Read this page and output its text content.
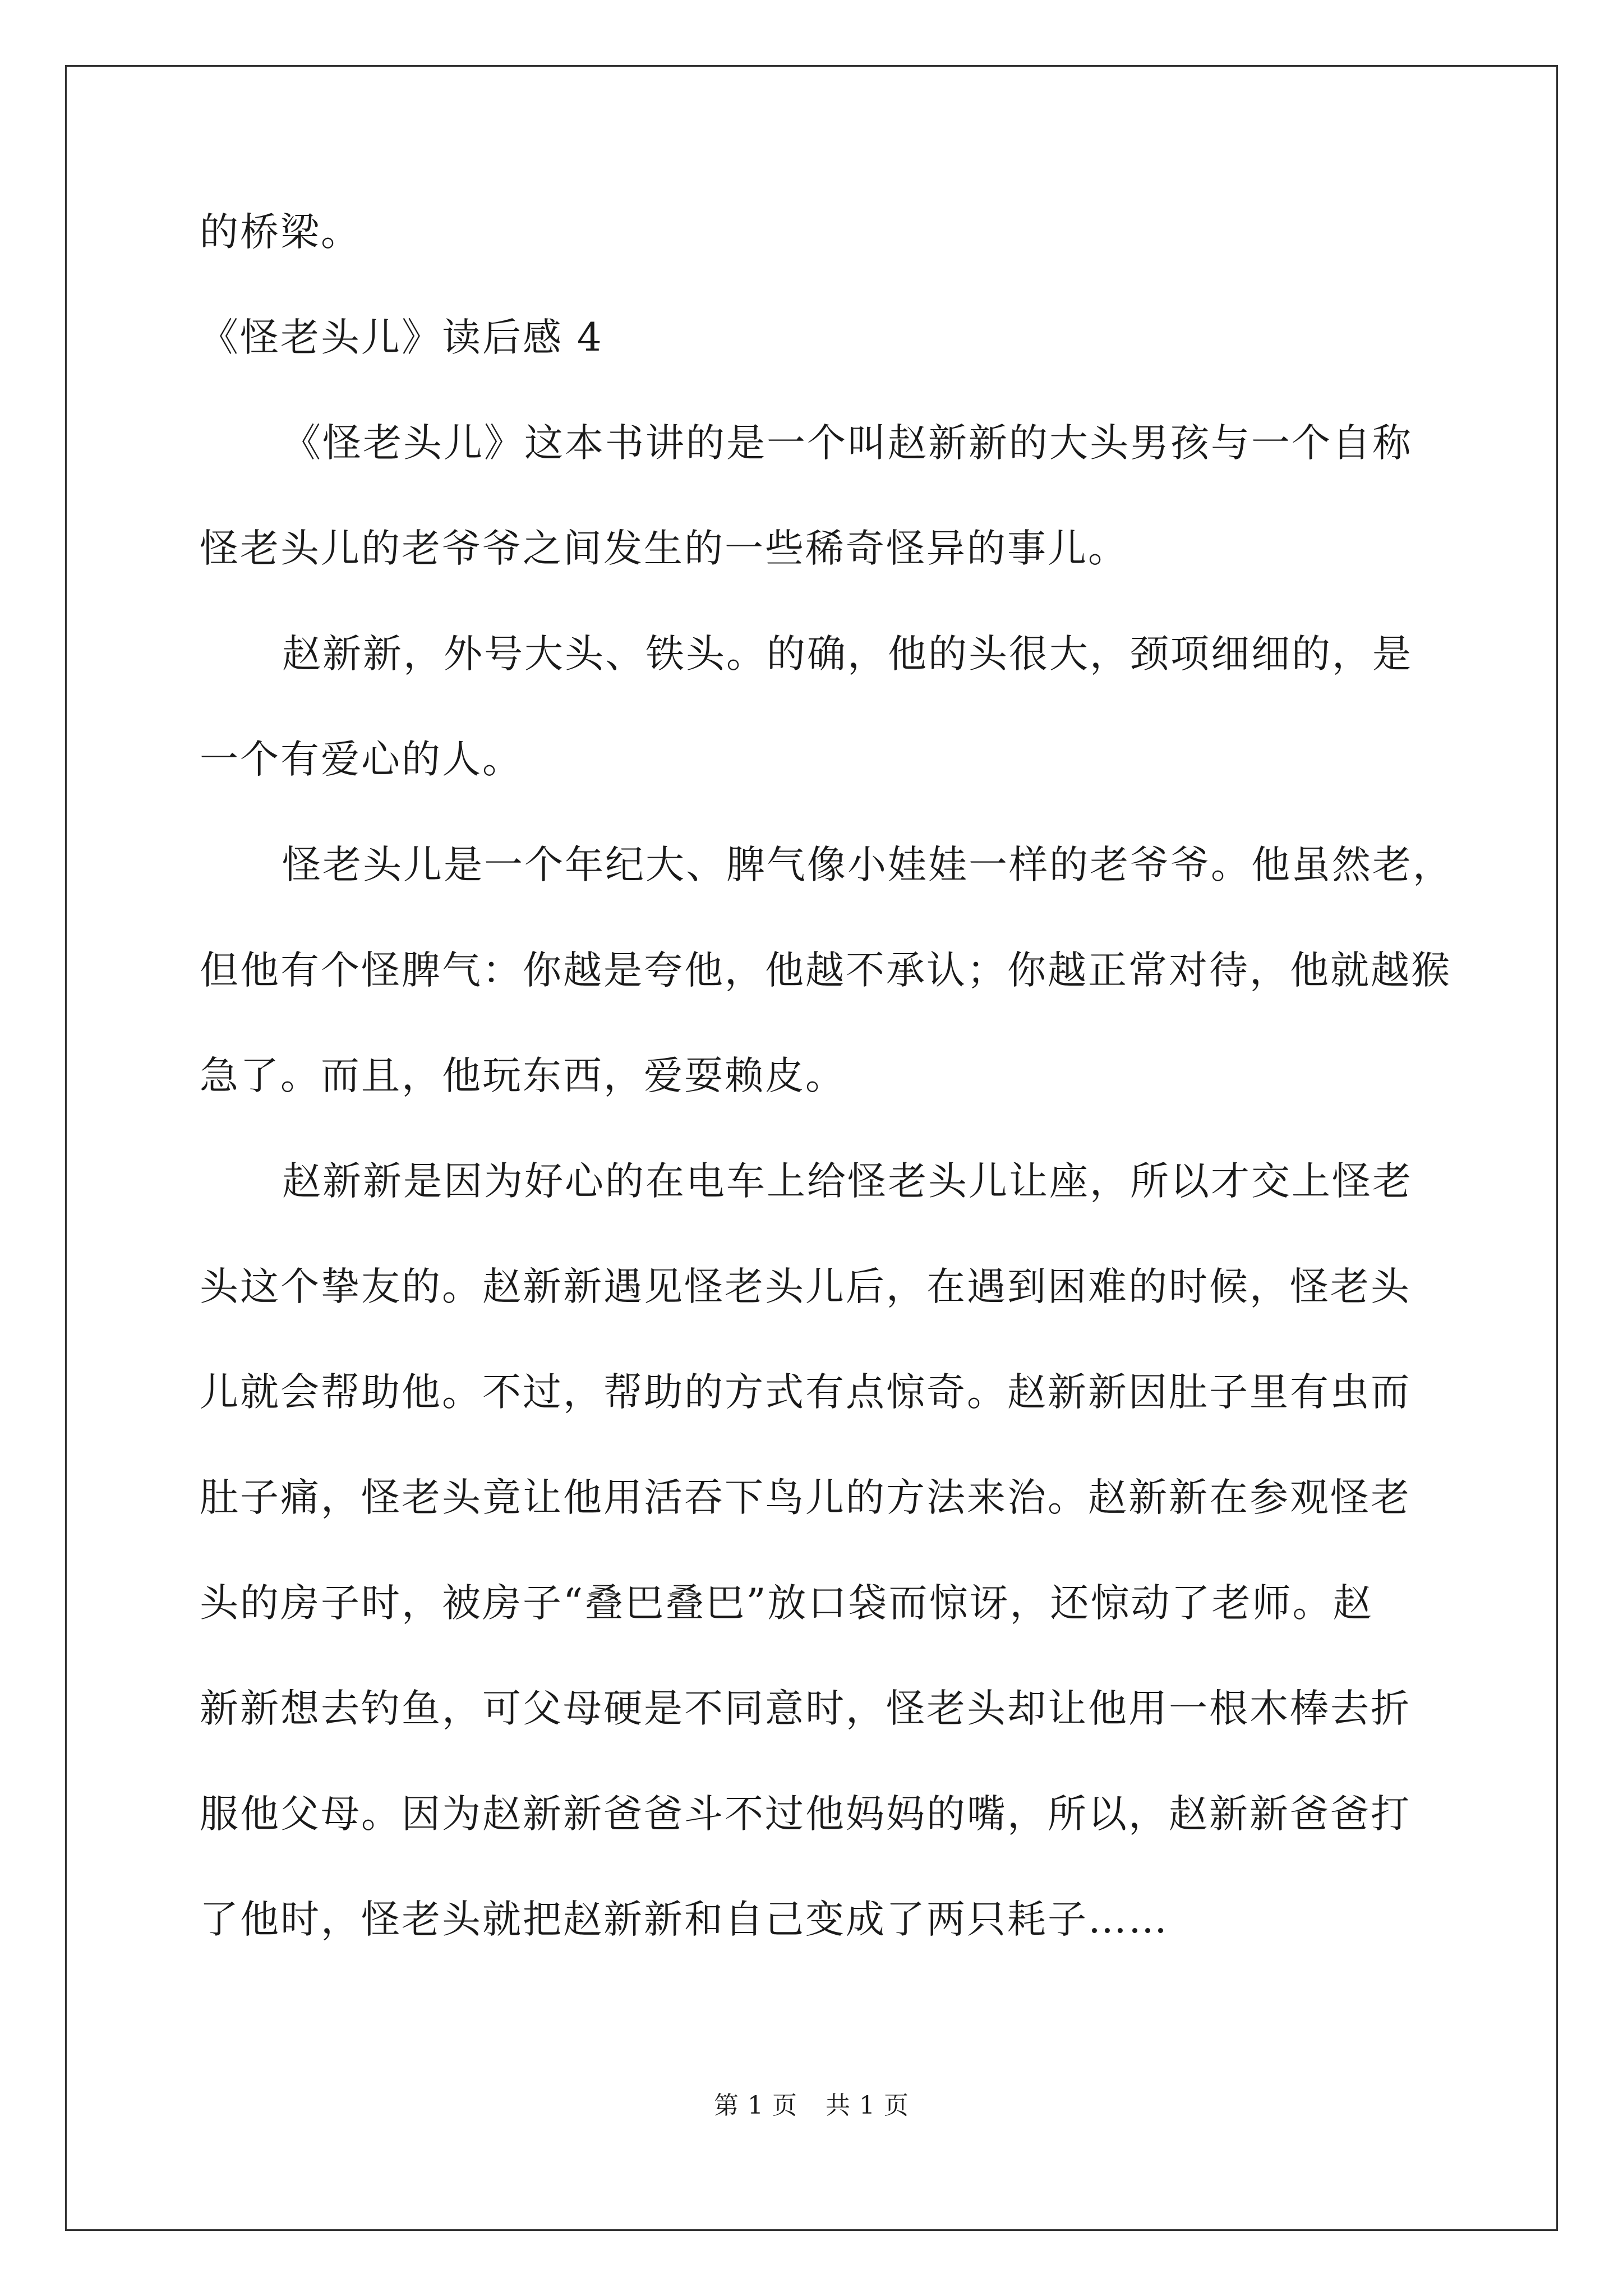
的桥梁。

《怪老头儿》读后感 4

《怪老头儿》这本书讲的是一个叫赵新新的大头男孩与一个自称

怪老头儿的老爷爷之间发生的一些稀奇怪异的事儿。

赵新新，外号大头、铁头。的确，他的头很大，颈项细细的，是

一个有爱心的人。

怪老头儿是一个年纪大、脾气像小娃娃一样的老爷爷。他虽然老，

但他有个怪脾气：你越是夸他，他越不承认；你越正常对待，他就越猴

急了。而且，他玩东西，爱耍赖皮。

赵新新是因为好心的在电车上给怪老头儿让座，所以才交上怪老

头这个挚友的。赵新新遇见怪老头儿后，在遇到困难的时候，怪老头

儿就会帮助他。不过，帮助的方式有点惊奇。赵新新因肚子里有虫而

肚子痛，怪老头竟让他用活吞下鸟儿的方法来治。赵新新在参观怪老

头的房子时，被房子“叠巴叠巴”放口袋而惊讶，还惊动了老师。赵

新新想去钓鱼，可父母硬是不同意时，怪老头却让他用一根木棒去折

服他父母。因为赵新新爸爸斗不过他妈妈的嘴，所以，赵新新爸爸打

了他时，怪老头就把赵新新和自己变成了两只耗子……

第 1 页 共 1 页
